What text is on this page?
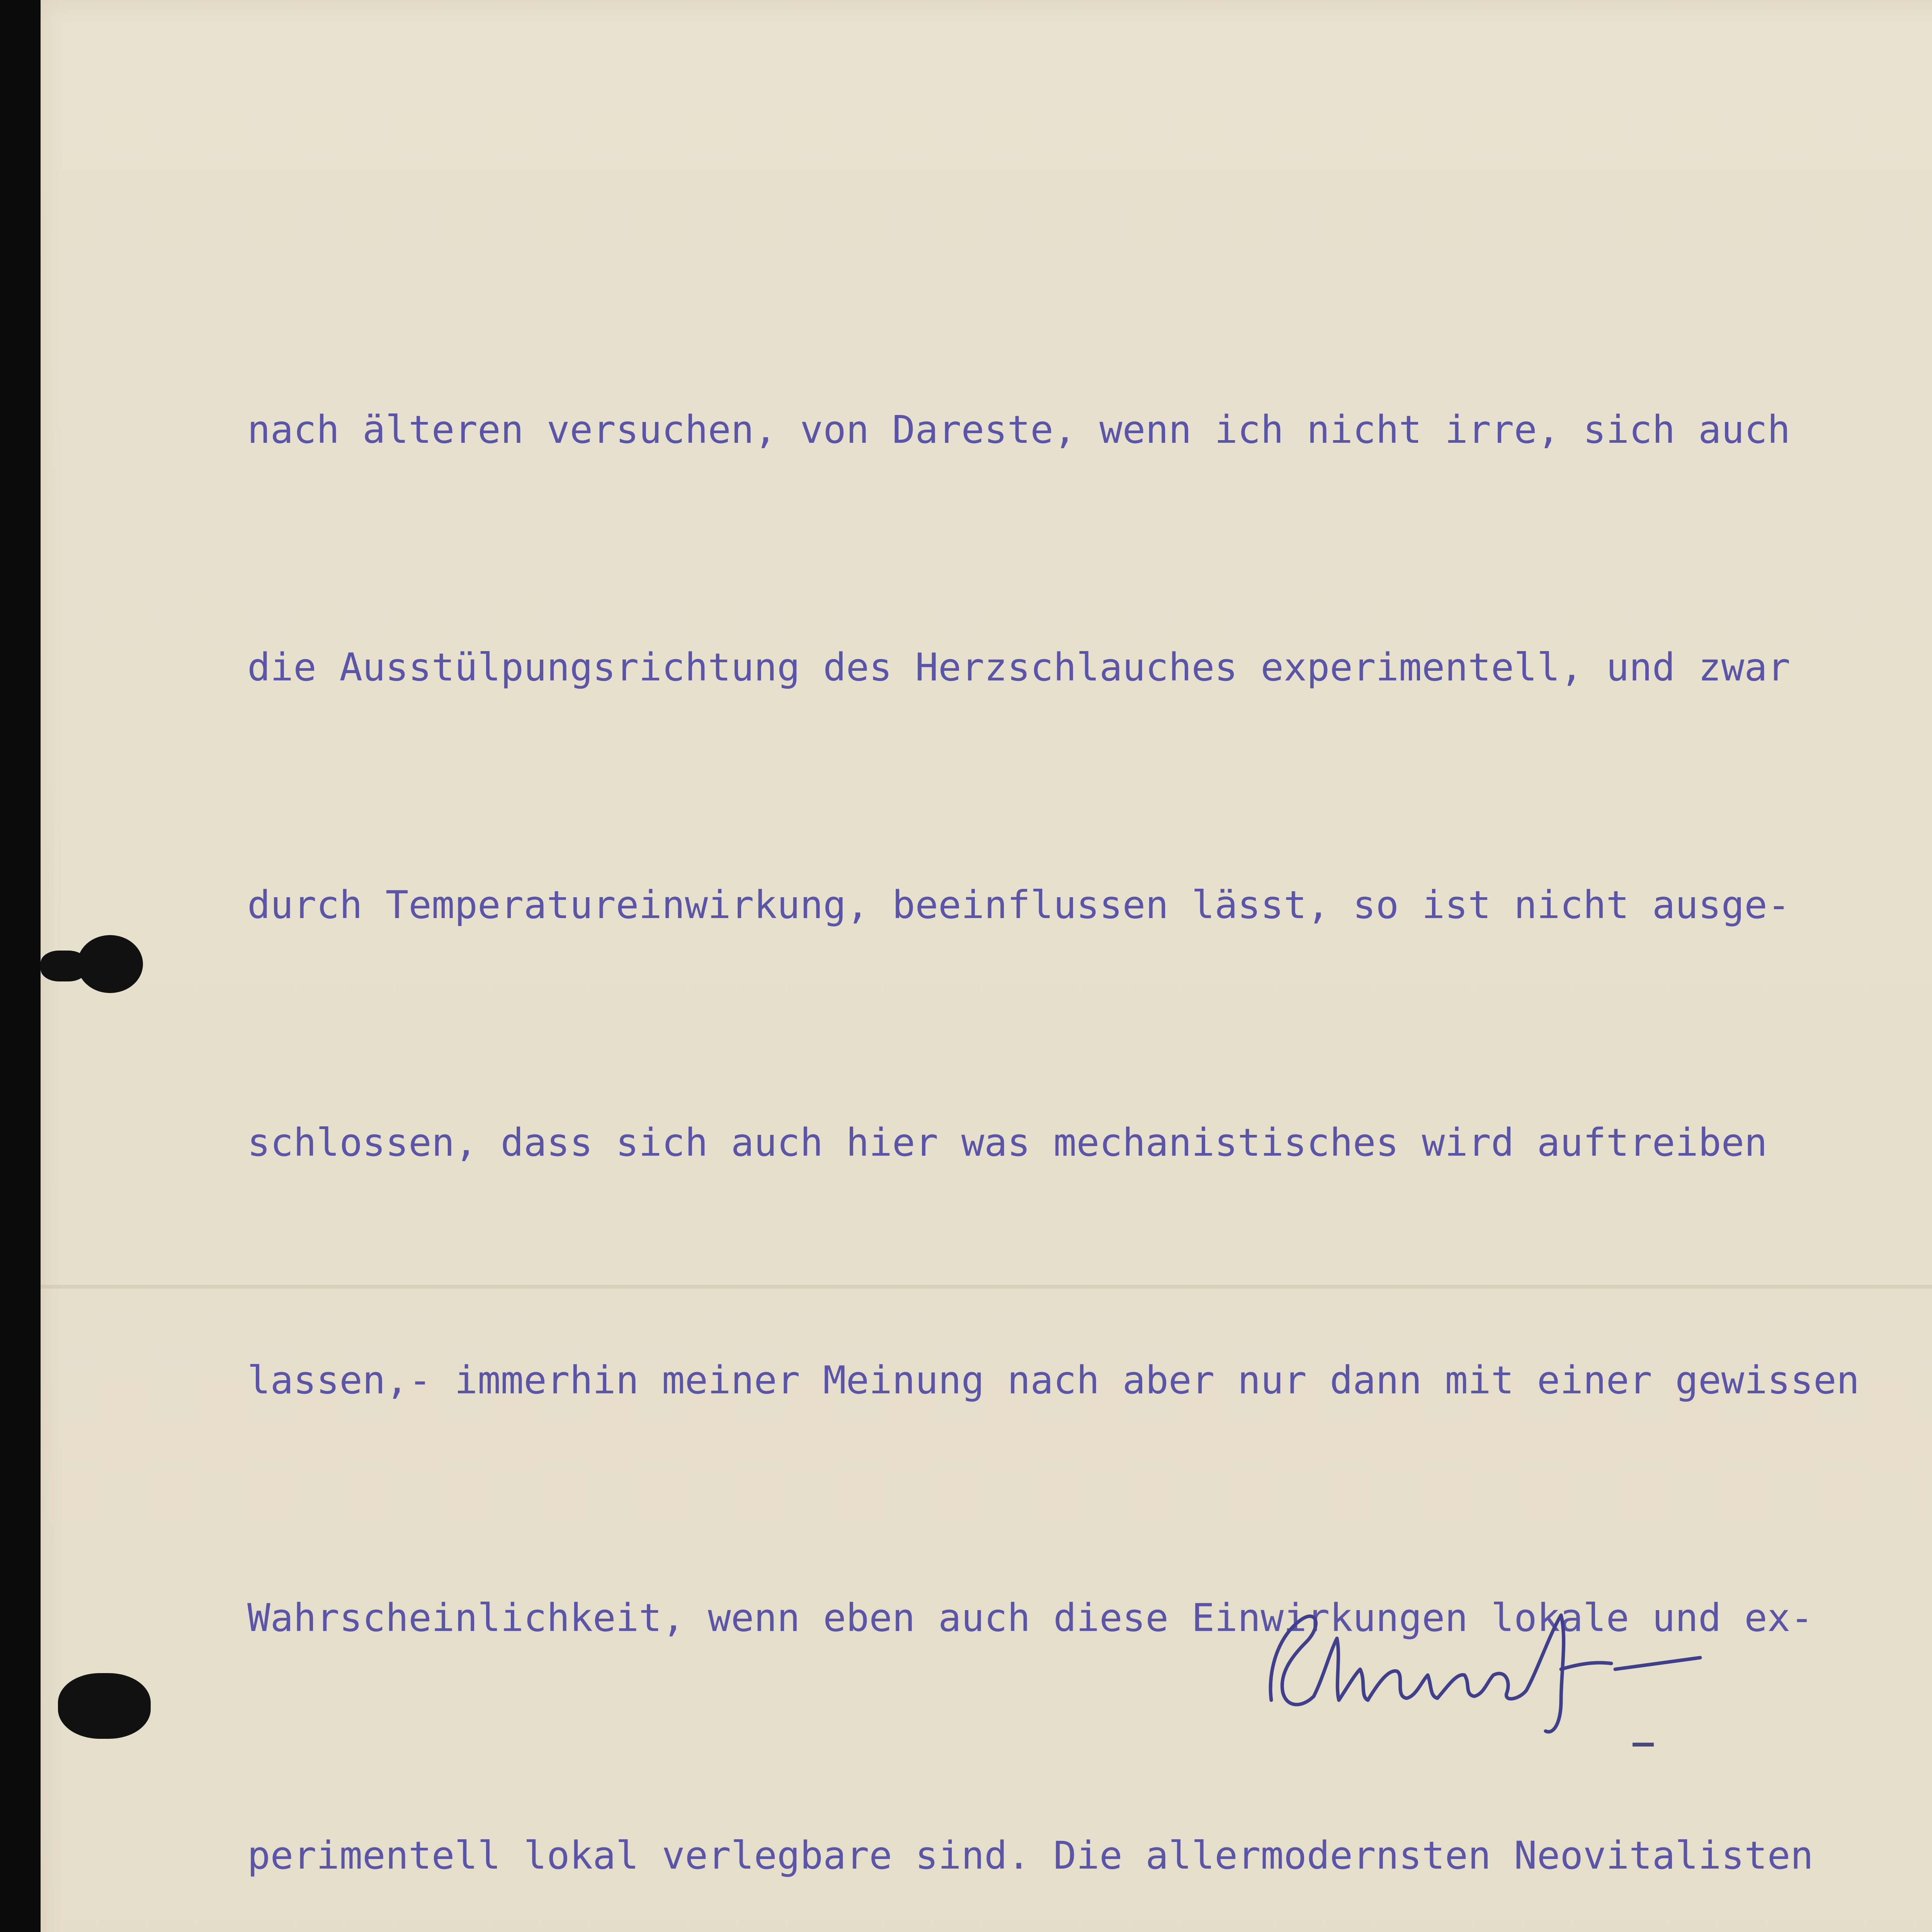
nach älteren versuchen, von Dareste, wenn ich nicht irre, sich auch

die Ausstülpungsrichtung des Herzschlauches experimentell, und zwar

durch Temperatureinwirkung, beeinflussen lässt, so ist nicht ausge-

schlossen, dass sich auch hier was mechanistisches wird auftreiben

lassen,- immerhin meiner Meinung nach aber nur dann mit einer gewissen

Wahrscheinlichkeit, wenn eben auch diese Einwirkungen lokale und ex-

perimentell lokal verlegbare sind. Die allermodernsten Neovitalisten
